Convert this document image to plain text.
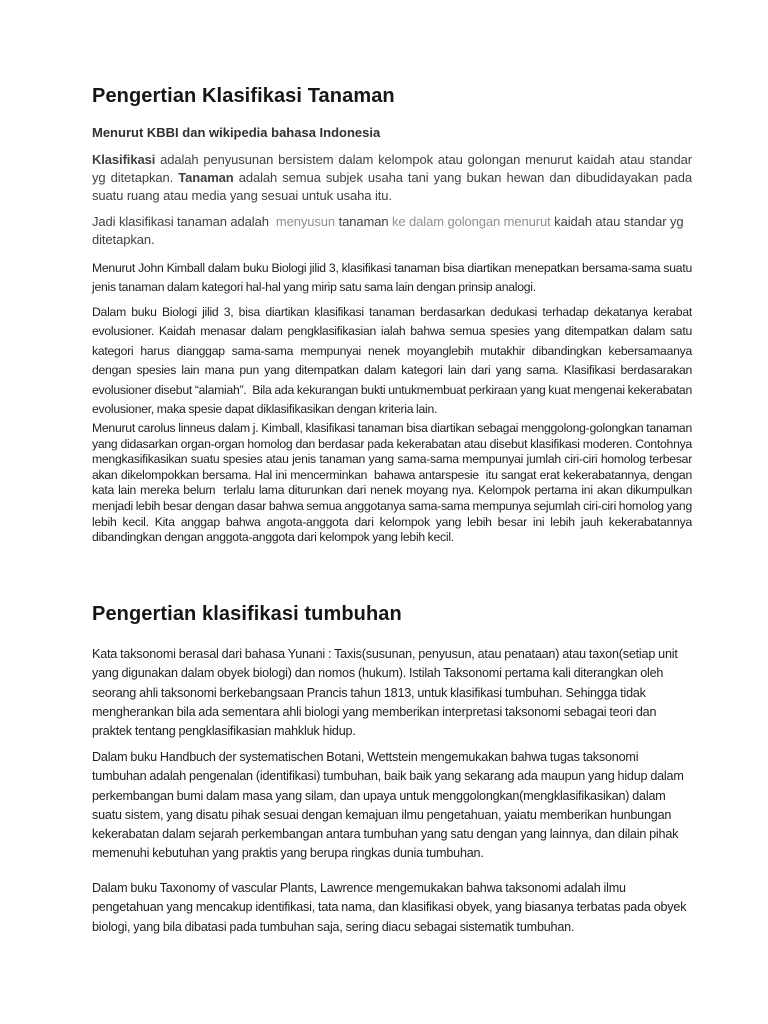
Pengertian Klasifikasi Tanaman
Menurut KBBI dan wikipedia bahasa Indonesia

Klasifikasi adalah penyusunan bersistem dalam kelompok atau golongan menurut kaidah atau standar yg ditetapkan. Tanaman adalah semua subjek usaha tani yang bukan hewan dan dibudidayakan pada suatu ruang atau media yang sesuai untuk usaha itu.

Jadi klasifikasi tanaman adalah  menyusun tanaman ke dalam golongan menurut kaidah atau standar yg ditetapkan.

Menurut John Kimball dalam buku Biologi jilid 3, klasifikasi tanaman bisa diartikan menepatkan bersama-sama suatu jenis tanaman dalam kategori hal-hal yang mirip satu sama lain dengan prinsip analogi.

Dalam buku Biologi jilid 3, bisa diartikan klasifikasi tanaman berdasarkan dedukasi terhadap dekatanya kerabat evolusioner. Kaidah menasar dalam pengklasifikasian ialah bahwa semua spesies yang ditempatkan dalam satu kategori harus dianggap sama-sama mempunyai nenek moyanglebih mutakhir dibandingkan kebersamaanya dengan spesies lain mana pun yang ditempatkan dalam kategori lain dari yang sama. Klasifikasi berdasarakan evolusioner disebut “alamiah”.  Bila ada kekurangan bukti untukmembuat perkiraan yang kuat mengenai kekerabatan evolusioner, maka spesie dapat diklasifikasikan dengan kriteria lain.

Menurut carolus linneus dalam j. Kimball, klasifikasi tanaman bisa diartikan sebagai menggolong-golongkan tanaman yang didasarkan organ-organ homolog dan berdasar pada kekerabatan atau disebut klasifikasi moderen. Contohnya mengkasifikasikan suatu spesies atau jenis tanaman yang sama-sama mempunyai jumlah ciri-ciri homolog terbesar akan dikelompokkan bersama. Hal ini mencerminkan  bahawa antarspesie  itu sangat erat kekerabatannya, dengan kata lain mereka belum  terlalu lama diturunkan dari nenek moyang nya. Kelompok pertama ini akan dikumpulkan menjadi lebih besar dengan dasar bahwa semua anggotanya sama-sama mempunya sejumlah ciri-ciri homolog yang lebih kecil. Kita anggap bahwa angota-anggota dari kelompok yang lebih besar ini lebih jauh kekerabatannya dibandingkan dengan anggota-anggota dari kelompok yang lebih kecil.

Pengertian klasifikasi tumbuhan

Kata taksonomi berasal dari bahasa Yunani : Taxis(susunan, penyusun, atau penataan) atau taxon(setiap unit yang digunakan dalam obyek biologi) dan nomos (hukum). Istilah Taksonomi pertama kali diterangkan oleh seorang ahli taksonomi berkebangsaan Prancis tahun 1813, untuk klasifikasi tumbuhan. Sehingga tidak mengherankan bila ada sementara ahli biologi yang memberikan interpretasi taksonomi sebagai teori dan praktek tentang pengklasifikasian mahkluk hidup.

Dalam buku Handbuch der systematischen Botani, Wettstein mengemukakan bahwa tugas taksonomi tumbuhan adalah pengenalan (identifikasi) tumbuhan, baik baik yang sekarang ada maupun yang hidup dalam perkembangan bumi dalam masa yang silam, dan upaya untuk menggolongkan(mengklasifikasikan) dalam suatu sistem, yang disatu pihak sesuai dengan kemajuan ilmu pengetahuan, yaiatu memberikan hunbungan kekerabatan dalam sejarah perkembangan antara tumbuhan yang satu dengan yang lainnya, dan dilain pihak memenuhi kebutuhan yang praktis yang berupa ringkas dunia tumbuhan.

Dalam buku Taxonomy of vascular Plants, Lawrence mengemukakan bahwa taksonomi adalah ilmu pengetahuan yang mencakup identifikasi, tata nama, dan klasifikasi obyek, yang biasanya terbatas pada obyek biologi, yang bila dibatasi pada tumbuhan saja, sering diacu sebagai sistematik tumbuhan.
